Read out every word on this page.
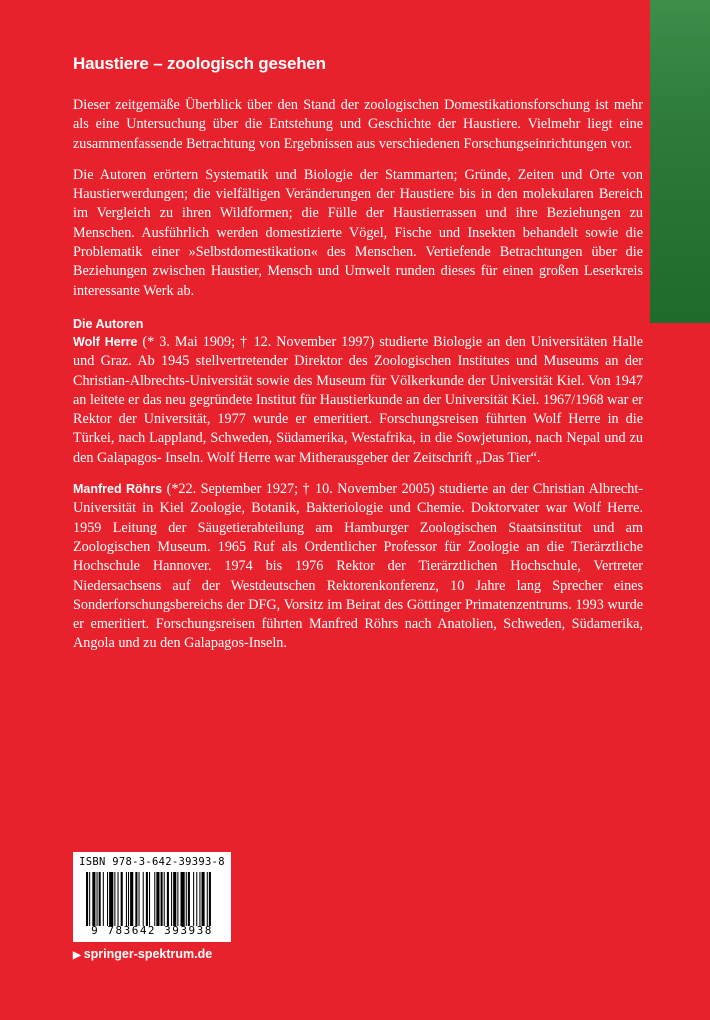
Haustiere – zoologisch gesehen

Dieser zeitgemäße Überblick über den Stand der zoologischen Domestikationsforschung ist mehr als eine Untersuchung über die Entstehung und Geschichte der Haustiere. Vielmehr liegt eine zusammenfassende Betrachtung von Ergebnissen aus verschiedenen Forschungseinrichtungen vor.

Die Autoren erörtern Systematik und Biologie der Stammarten; Gründe, Zeiten und Orte von Haustierwerdungen; die vielfältigen Veränderungen der Haustiere bis in den molekularen Bereich im Vergleich zu ihren Wildformen; die Fülle der Haustierrassen und ihre Beziehungen zu Menschen. Ausführlich werden domestizierte Vögel, Fische und Insekten behandelt sowie die Problematik einer »Selbstdomestikation« des Menschen. Vertiefende Betrachtungen über die Beziehungen zwischen Haustier, Mensch und Umwelt runden dieses für einen großen Leserkreis interessante Werk ab.

Die Autoren

Wolf Herre (* 3. Mai 1909; † 12. November 1997) studierte Biologie an den Universitäten Halle und Graz. Ab 1945 stellvertretender Direktor des Zoologischen Institutes und Museums an der Christian-Albrechts-Universität sowie des Museum für Völkerkunde der Universität Kiel. Von 1947 an leitete er das neu gegründete Institut für Haustierkunde an der Universität Kiel. 1967/1968 war er Rektor der Universität, 1977 wurde er emeritiert. Forschungsreisen führten Wolf Herre in die Türkei, nach Lappland, Schweden, Südamerika, Westafrika, in die Sowjetunion, nach Nepal und zu den Galapagos- Inseln. Wolf Herre war Mitherausgeber der Zeitschrift „Das Tier“.

Manfred Röhrs (*22. September 1927; † 10. November 2005) studierte an der Christian Albrecht-Universität in Kiel Zoologie, Botanik, Bakteriologie und Chemie. Doktorvater war Wolf Herre. 1959 Leitung der Säugetierabteilung am Hamburger Zoologischen Staatsinstitut und am Zoologischen Museum. 1965 Ruf als Ordentlicher Professor für Zoologie an die Tierärztliche Hochschule Hannover. 1974 bis 1976 Rektor der Tierärztlichen Hochschule, Vertreter Niedersachsens auf der Westdeutschen Rektorenkonferenz, 10 Jahre lang Sprecher eines Sonderforschungsbereichs der DFG, Vorsitz im Beirat des Göttinger Primatenzentrums. 1993 wurde er emeritiert. Forschungsreisen führten Manfred Röhrs nach Anatolien, Schweden, Südamerika, Angola und zu den Galapagos-Inseln.

ISBN 978-3-642-39393-8
9 783642 393938
▶ springer-spektrum.de
